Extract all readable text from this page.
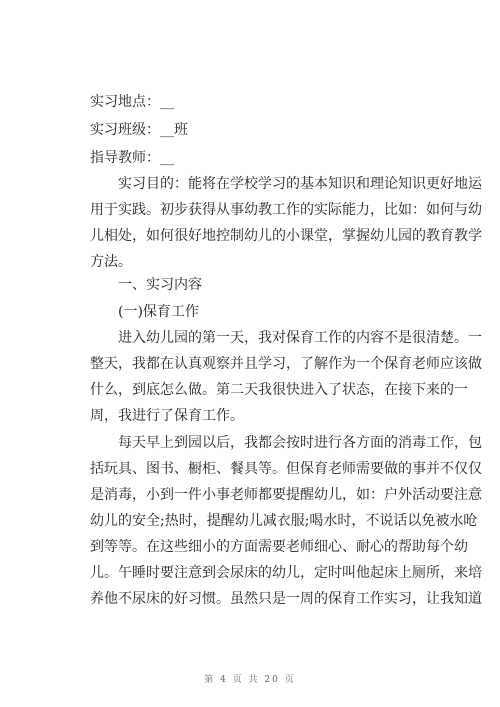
实习地点：__
实习班级：__班
指导教师：__
实习目的：能将在学校学习的基本知识和理论知识更好地运
用于实践。初步获得从事幼教工作的实际能力，比如：如何与幼
儿相处，如何很好地控制幼儿的小课堂，掌握幼儿园的教育教学
方法。
一、实习内容
(一)保育工作
进入幼儿园的第一天，我对保育工作的内容不是很清楚。一
整天，我都在认真观察并且学习，了解作为一个保育老师应该做
什么，到底怎么做。第二天我很快进入了状态，在接下来的一
周，我进行了保育工作。
每天早上到园以后，我都会按时进行各方面的消毒工作，包
括玩具、图书、橱柜、餐具等。但保育老师需要做的事并不仅仅
是消毒，小到一件小事老师都要提醒幼儿，如：户外活动要注意
幼儿的安全;热时，提醒幼儿减衣服;喝水时，不说话以免被水呛
到等等。在这些细小的方面需要老师细心、耐心的帮助每个幼
儿。午睡时要注意到会尿床的幼儿，定时叫他起床上厕所，来培
养他不尿床的好习惯。虽然只是一周的保育工作实习，让我知道
第 4 页 共 20 页
